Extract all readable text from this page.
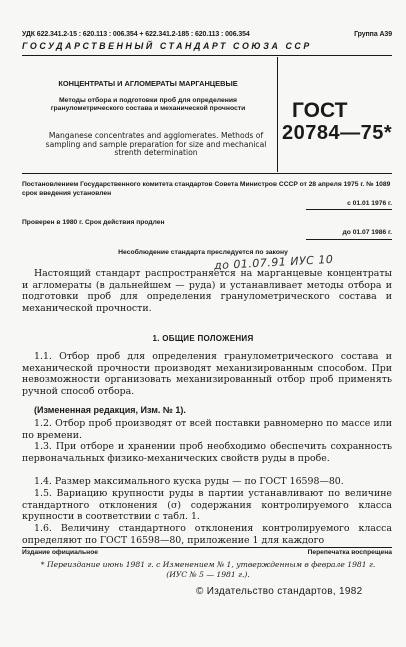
УДК 622.341.2-15 : 620.113 : 006.354 + 622.341.2-185 : 620.113 : 006.354	Группа А39
ГОСУДАРСТВЕННЫЙ СТАНДАРТ СОЮЗА ССР
КОНЦЕНТРАТЫ И АГЛОМЕРАТЫ МАРГАНЦЕВЫЕ
Методы отбора и подготовки проб для определения гранулометрического состава и механической прочности
Manganese concentrates and agglomerates. Methods of sampling and sample preparation for size and mechanical strenth determination
ГОСТ
20784—75*
Постановлением Государственного комитета стандартов Совета Министров СССР от 28 апреля 1975 г. № 1089 срок введения установлен
с 01.01 1976 г.
Проверен в 1980 г. Срок действия продлен
до 01.07 1986 г.
Несоблюдение стандарта преследуется по закону
до 01.07.91 ИУС 10
Настоящий стандарт распространяется на марганцевые концентраты и агломераты (в дальнейшем — руда) и устанавливает методы отбора и подготовки проб для определения гранулометрического состава и механической прочности.
1. ОБЩИЕ ПОЛОЖЕНИЯ
1.1. Отбор проб для определения гранулометрического состава и механической прочности производят механизированным способом. При невозможности организовать механизированный отбор проб применять ручной способ отбора.
(Измененная редакция, Изм. № 1).
1.2. Отбор проб производят от всей поставки равномерно по массе или по времени.
1.3. При отборе и хранении проб необходимо обеспечить сохранность первоначальных физико-механических свойств руды в пробе.
1.4. Размер максимального куска руды — по ГОСТ 16598—80.
1.5. Вариацию крупности руды в партии устанавливают по величине стандартного отклонения (σ) содержания контролируемого класса крупности в соответствии с табл. 1.
1.6. Величину стандартного отклонения контролируемого класса определяют по ГОСТ 16598—80, приложение 1 для каждого
Издание официальное	Перепечатка воспрещена
* Переиздание июнь 1981 г. с Изменением № 1, утвержденным в феврале 1981 г. (ИУС № 5 — 1981 г.).
© Издательство стандартов, 1982
